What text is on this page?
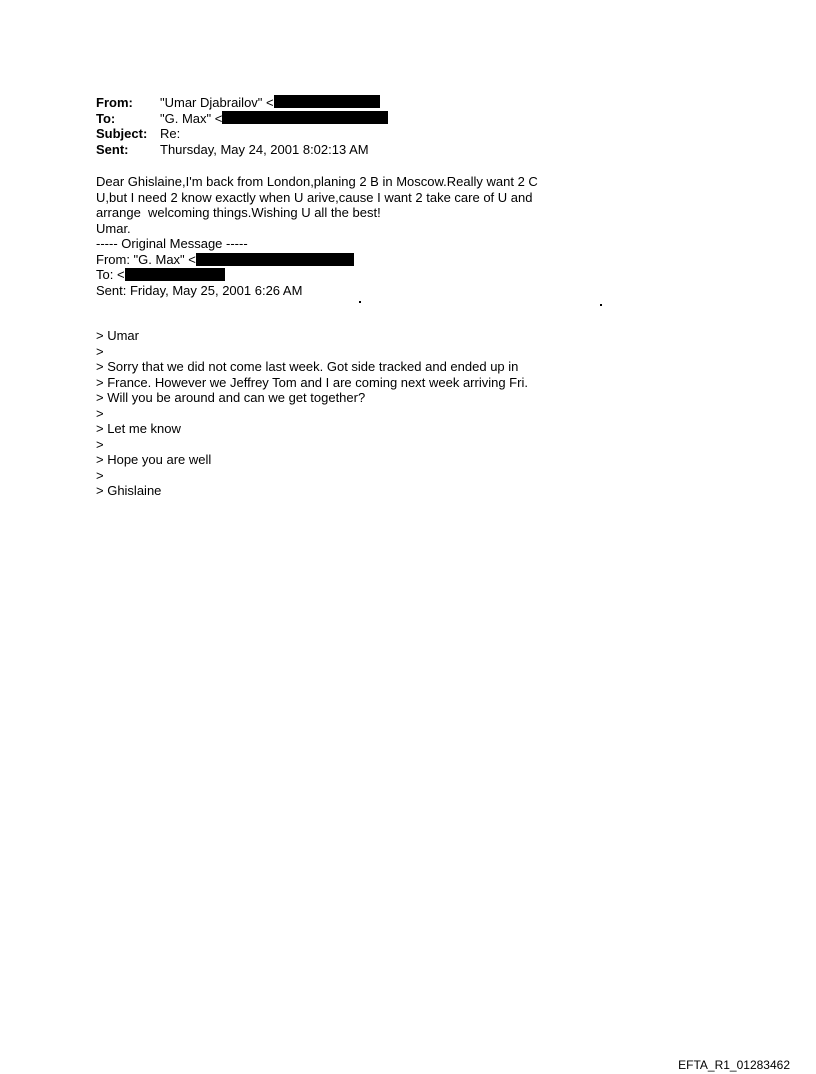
From:	"Umar Djabrailov" <
To:	"G. Max" <
Subject: Re:
Sent:	Thursday, May 24, 2001 8:02:13 AM
Dear Ghislaine,I'm back from London,planing 2 B in Moscow.Really want 2 C U,but I need 2 know exactly when U arive,cause I want 2 take care of U and arrange  welcoming things.Wishing U all the best!
Umar.
----- Original Message -----
From: "G. Max" <
To: <
Sent: Friday, May 25, 2001 6:26 AM
> Umar
>
> Sorry that we did not come last week. Got side tracked and ended up in
> France. However we Jeffrey Tom and I are coming next week arriving Fri.
> Will you be around and can we get together?
>
> Let me know
>
> Hope you are well
>
> Ghislaine
EFTA_R1_01283462
